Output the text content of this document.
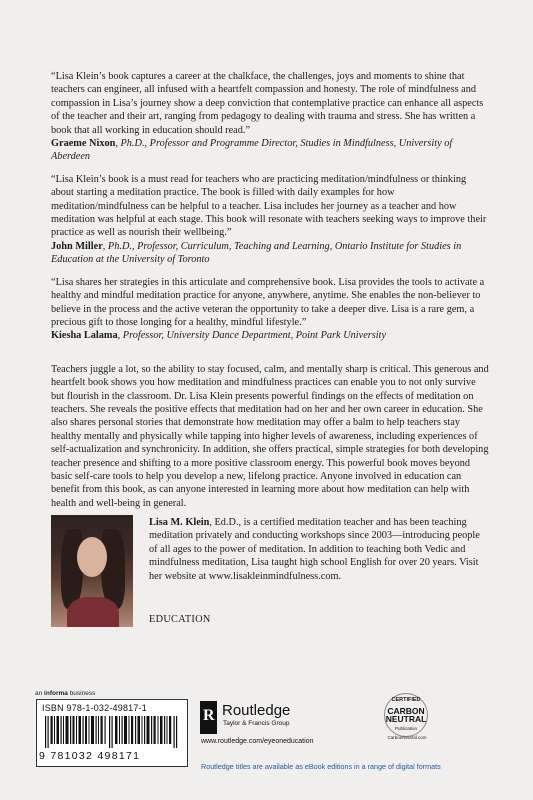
“Lisa Klein’s book captures a career at the chalkface, the challenges, joys and moments to shine that teachers can engineer, all infused with a heartfelt compassion and honesty. The role of mindfulness and compassion in Lisa’s journey show a deep conviction that contemplative practice can enhance all aspects of the teacher and their art, ranging from pedagogy to dealing with trauma and stress. She has written a book that all working in education should read.”

Graeme Nixon, Ph.D., Professor and Programme Director, Studies in Mindfulness, University of Aberdeen

“Lisa Klein’s book is a must read for teachers who are practicing meditation/mindfulness or thinking about starting a meditation practice. The book is filled with daily examples for how meditation/mindfulness can be helpful to a teacher. Lisa includes her journey as a teacher and how meditation was helpful at each stage. This book will resonate with teachers seeking ways to improve their practice as well as nourish their wellbeing.”

John Miller, Ph.D., Professor, Curriculum, Teaching and Learning, Ontario Institute for Studies in Education at the University of Toronto

“Lisa shares her strategies in this articulate and comprehensive book. Lisa provides the tools to activate a healthy and mindful meditation practice for anyone, anywhere, anytime. She enables the non-believer to believe in the process and the active veteran the opportunity to take a deeper dive. Lisa is a rare gem, a precious gift to those longing for a healthy, mindful lifestyle.”

Kiesha Lalama, Professor, University Dance Department, Point Park University

Teachers juggle a lot, so the ability to stay focused, calm, and mentally sharp is critical. This generous and heartfelt book shows you how meditation and mindfulness practices can enable you to not only survive but flourish in the classroom. Dr. Lisa Klein presents powerful findings on the effects of meditation on teachers. She reveals the positive effects that meditation had on her and her own career in education. She also shares personal stories that demonstrate how meditation may offer a balm to help teachers stay healthy mentally and physically while tapping into higher levels of awareness, including experiences of self-actualization and synchronicity. In addition, she offers practical, simple strategies for both developing teacher presence and shifting to a more positive classroom energy. This powerful book moves beyond basic self-care tools to help you develop a new, lifelong practice. Anyone involved in education can benefit from this book, as can anyone interested in learning more about how meditation can help with health and well-being in general.

Lisa M. Klein, Ed.D., is a certified meditation teacher and has been teaching meditation privately and conducting workshops since 2003—introducing people of all ages to the power of meditation. In addition to teaching both Vedic and mindfulness meditation, Lisa taught high school English for over 20 years. Visit her website at www.lisakleinmindfulness.com.

EDUCATION

an informa business
ISBN 978-1-032-49817-1
9 781032 498171
R Routledge
Taylor & Francis Group
www.routledge.com/eyeoneducation
CERTIFIED
CARBON
NEUTRAL
Publication
CarbonNeutral.com
Routledge titles are available as eBook editions in a range of digital formats
